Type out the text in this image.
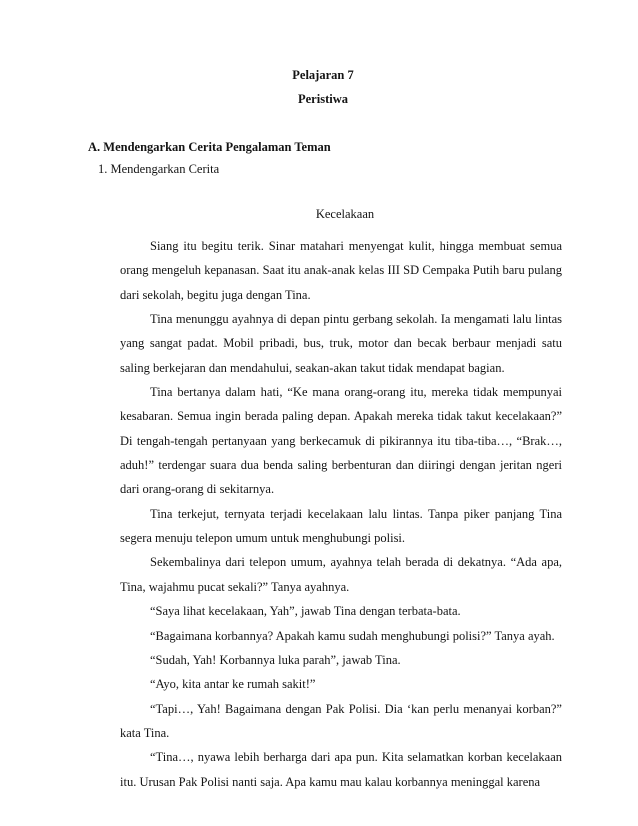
Pelajaran 7
Peristiwa
A. Mendengarkan Cerita Pengalaman Teman
1. Mendengarkan Cerita
Kecelakaan

Siang itu begitu terik. Sinar matahari menyengat kulit, hingga membuat semua orang mengeluh kepanasan. Saat itu anak-anak kelas III SD Cempaka Putih baru pulang dari sekolah, begitu juga dengan Tina.

Tina menunggu ayahnya di depan pintu gerbang sekolah. Ia mengamati lalu lintas yang sangat padat. Mobil pribadi, bus, truk, motor dan becak berbaur menjadi satu saling berkejaran dan mendahului, seakan-akan takut tidak mendapat bagian.

Tina bertanya dalam hati, “Ke mana orang-orang itu, mereka tidak mempunyai kesabaran. Semua ingin berada paling depan. Apakah mereka tidak takut kecelakaan?” Di tengah-tengah pertanyaan yang berkecamuk di pikirannya itu tiba-tiba…, “Brak…, aduh!” terdengar suara dua benda saling berbenturan dan diiringi dengan jeritan ngeri dari orang-orang di sekitarnya.

Tina terkejut, ternyata terjadi kecelakaan lalu lintas. Tanpa piker panjang Tina segera menuju telepon umum untuk menghubungi polisi.

Sekembalinya dari telepon umum, ayahnya telah berada di dekatnya. “Ada apa, Tina, wajahmu pucat sekali?” Tanya ayahnya.

“Saya lihat kecelakaan, Yah”, jawab Tina dengan terbata-bata.

“Bagaimana korbannya? Apakah kamu sudah menghubungi polisi?” Tanya ayah.

“Sudah, Yah! Korbannya luka parah”, jawab Tina.

“Ayo, kita antar ke rumah sakit!”

“Tapi…, Yah! Bagaimana dengan Pak Polisi. Dia ‘kan perlu menanyai korban?” kata Tina.

“Tina…, nyawa lebih berharga dari apa pun. Kita selamatkan korban kecelakaan itu. Urusan Pak Polisi nanti saja. Apa kamu mau kalau korbannya meninggal karena
